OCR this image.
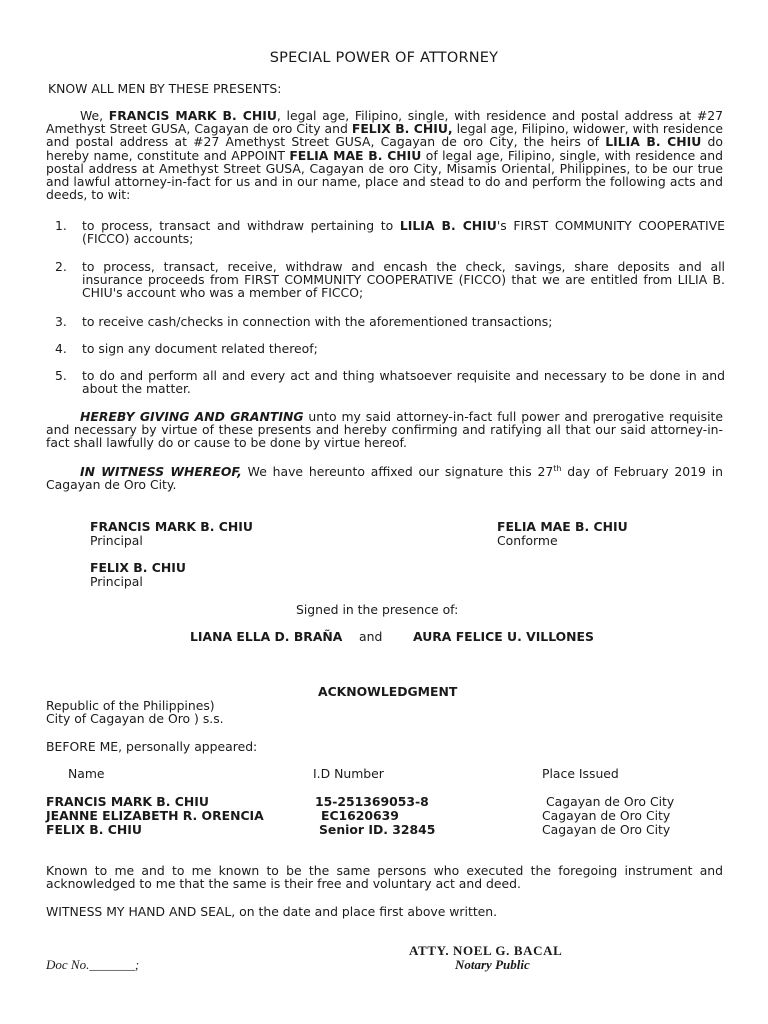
SPECIAL POWER OF ATTORNEY
KNOW ALL MEN BY THESE PRESENTS:

We, FRANCIS MARK B. CHIU, legal age, Filipino, single, with residence and postal address at #27 Amethyst Street GUSA, Cagayan de oro City and FELIX B. CHIU, legal age, Filipino, widower, with residence and postal address at #27 Amethyst Street GUSA, Cagayan de oro City, the heirs of LILIA B. CHIU do hereby name, constitute and APPOINT FELIA MAE B. CHIU of legal age, Filipino, single, with residence and postal address at Amethyst Street GUSA, Cagayan de oro City, Misamis Oriental, Philippines, to be our true and lawful attorney-in-fact for us and in our name, place and stead to do and perform the following acts and deeds, to wit:

1. to process, transact and withdraw pertaining to LILIA B. CHIU's FIRST COMMUNITY COOPERATIVE (FICCO) accounts;

2. to process, transact, receive, withdraw and encash the check, savings, share deposits and all insurance proceeds from FIRST COMMUNITY COOPERATIVE (FICCO) that we are entitled from LILIA B. CHIU's account who was a member of FICCO;

3. to receive cash/checks in connection with the aforementioned transactions;

4. to sign any document related thereof;

5. to do and perform all and every act and thing whatsoever requisite and necessary to be done in and about the matter.

HEREBY GIVING AND GRANTING unto my said attorney-in-fact full power and prerogative requisite and necessary by virtue of these presents and hereby confirming and ratifying all that our said attorney-in-fact shall lawfully do or cause to be done by virtue hereof.

IN WITNESS WHEREOF, We have hereunto affixed our signature this 27th day of February 2019 in Cagayan de Oro City.

FRANCIS MARK B. CHIU
Principal
FELIA MAE B. CHIU
Conforme
FELIX B. CHIU
Principal
Signed in the presence of:
LIANA ELLA D. BRAÑA and AURA FELICE U. VILLONES
ACKNOWLEDGMENT
Republic of the Philippines)
City of Cagayan de Oro ) s.s.
BEFORE ME, personally appeared:
Name	I.D Number	Place Issued
FRANCIS MARK B. CHIU	15-251369053-8	Cagayan de Oro City
JEANNE ELIZABETH R. ORENCIA	EC1620639	Cagayan de Oro City
FELIX B. CHIU	Senior ID. 32845	Cagayan de Oro City

Known to me and to me known to be the same persons who executed the foregoing instrument and acknowledged to me that the same is their free and voluntary act and deed.

WITNESS MY HAND AND SEAL, on the date and place first above written.
ATTY. NOEL G. BACAL
Notary Public
Doc No._______;
